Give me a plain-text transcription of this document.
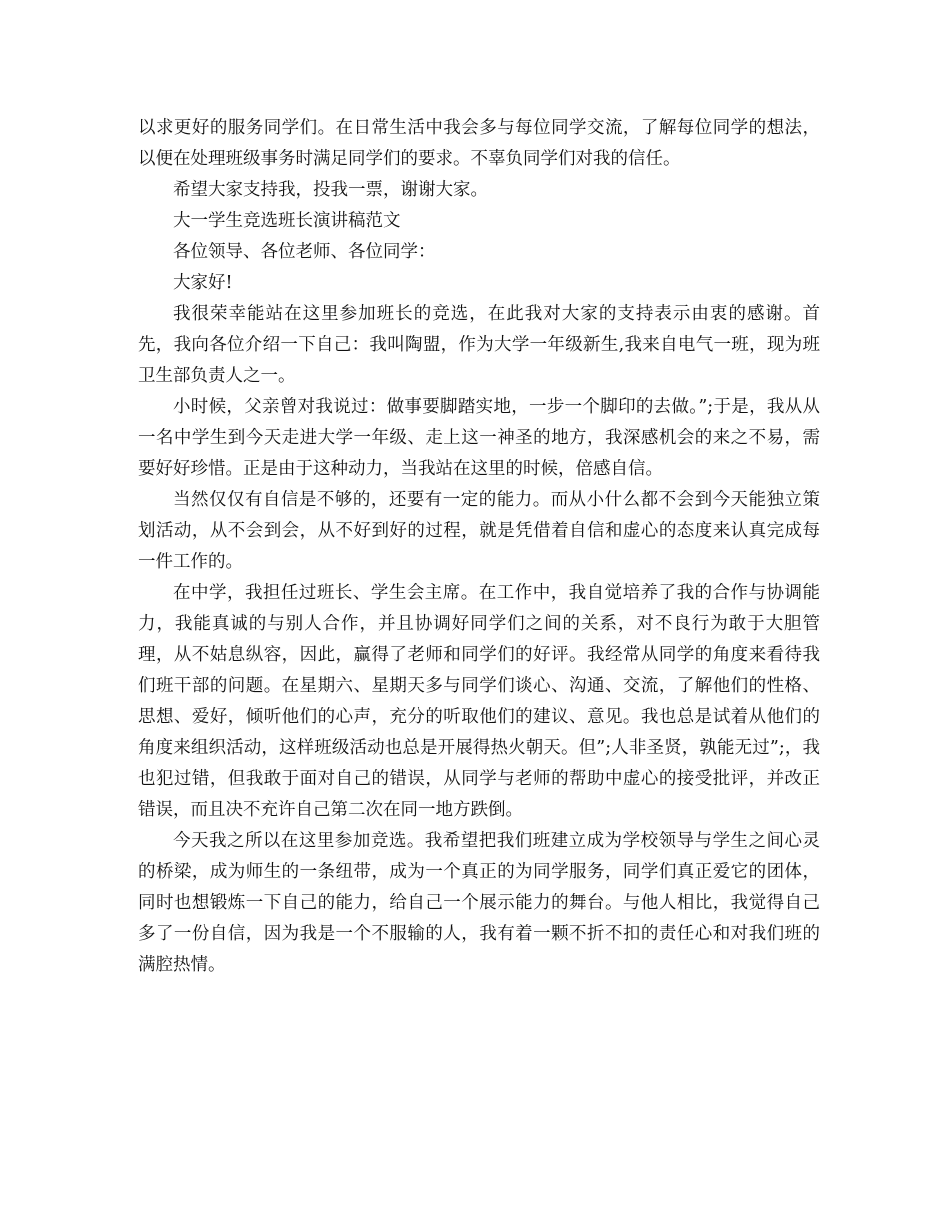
以求更好的服务同学们。在日常生活中我会多与每位同学交流，了解每位同学的想法，以便在处理班级事务时满足同学们的要求。不辜负同学们对我的信任。

希望大家支持我，投我一票，谢谢大家。

大一学生竞选班长演讲稿范文

各位领导、各位老师、各位同学：

大家好!

我很荣幸能站在这里参加班长的竞选，在此我对大家的支持表示由衷的感谢。首先，我向各位介绍一下自己：我叫陶盟，作为大学一年级新生,我来自电气一班，现为班卫生部负责人之一。

小时候，父亲曾对我说过：做事要脚踏实地，一步一个脚印的去做。”;于是，我从从一名中学生到今天走进大学一年级、走上这一神圣的地方，我深感机会的来之不易，需要好好珍惜。正是由于这种动力，当我站在这里的时候，倍感自信。

当然仅仅有自信是不够的，还要有一定的能力。而从小什么都不会到今天能独立策划活动，从不会到会，从不好到好的过程，就是凭借着自信和虚心的态度来认真完成每一件工作的。

在中学，我担任过班长、学生会主席。在工作中，我自觉培养了我的合作与协调能力，我能真诚的与别人合作，并且协调好同学们之间的关系，对不良行为敢于大胆管理，从不姑息纵容，因此，赢得了老师和同学们的好评。我经常从同学的角度来看待我们班干部的问题。在星期六、星期天多与同学们谈心、沟通、交流，了解他们的性格、思想、爱好，倾听他们的心声，充分的听取他们的建议、意见。我也总是试着从他们的角度来组织活动，这样班级活动也总是开展得热火朝天。但”;人非圣贤，孰能无过”;，我也犯过错，但我敢于面对自己的错误，从同学与老师的帮助中虚心的接受批评，并改正错误，而且决不充许自己第二次在同一地方跌倒。

今天我之所以在这里参加竞选。我希望把我们班建立成为学校领导与学生之间心灵的桥梁，成为师生的一条纽带，成为一个真正的为同学服务，同学们真正爱它的团体，同时也想锻炼一下自己的能力，给自己一个展示能力的舞台。与他人相比，我觉得自己多了一份自信，因为我是一个不服输的人，我有着一颗不折不扣的责任心和对我们班的满腔热情。
